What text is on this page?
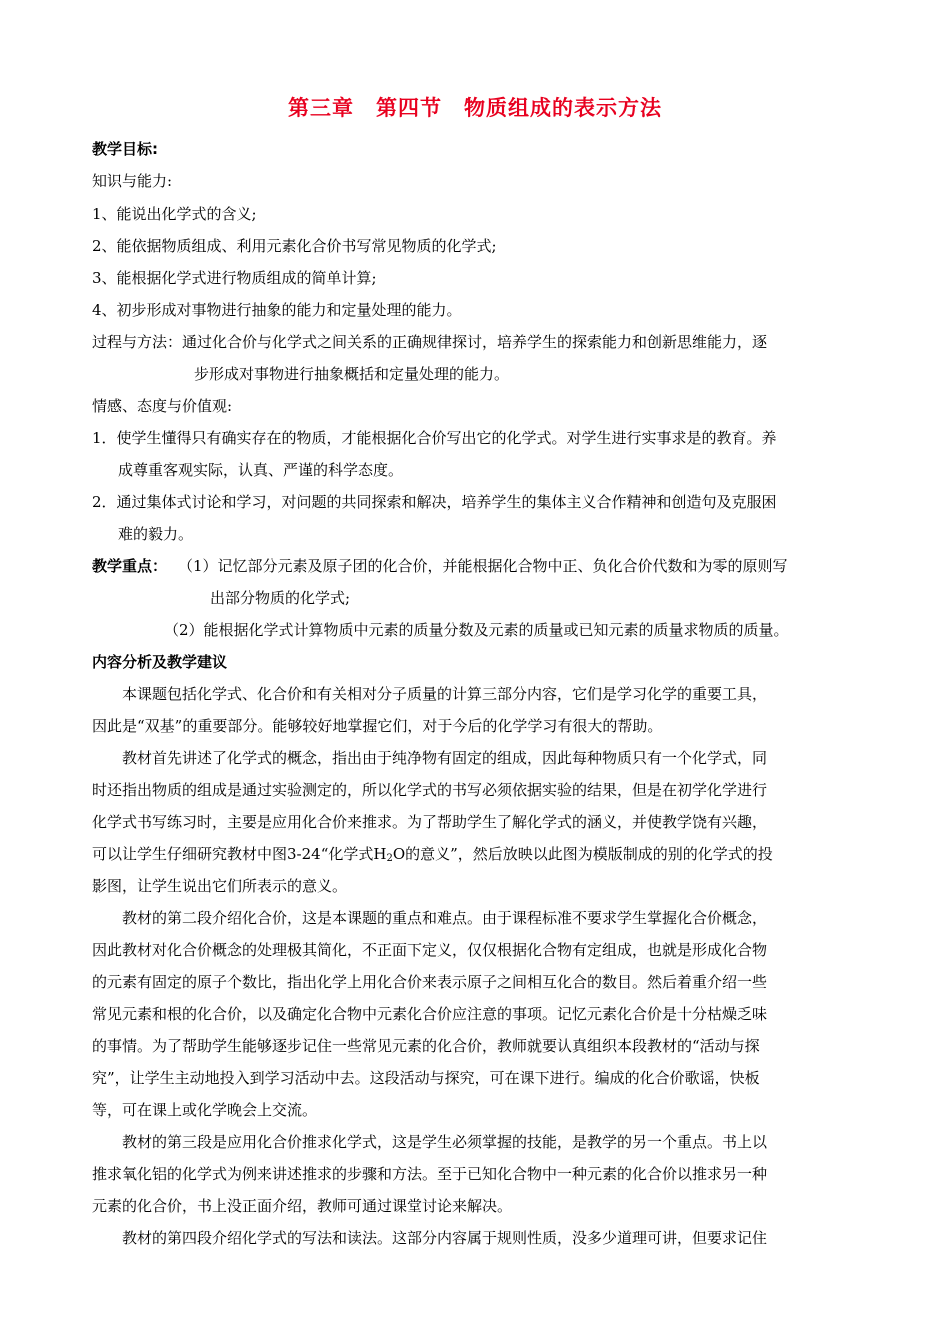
第三章　第四节　物质组成的表示方法
教学目标:
知识与能力:
1、能说出化学式的含义;
2、能依据物质组成、利用元素化合价书写常见物质的化学式;
3、能根据化学式进行物质组成的简单计算;
4、初步形成对事物进行抽象的能力和定量处理的能力。
过程与方法：通过化合价与化学式之间关系的正确规律探讨，培养学生的探索能力和创新思维能力，逐
步形成对事物进行抽象概括和定量处理的能力。
情感、态度与价值观:
1．使学生懂得只有确实存在的物质，才能根据化合价写出它的化学式。对学生进行实事求是的教育。养
成尊重客观实际，认真、严谨的科学态度。
2．通过集体式讨论和学习，对问题的共同探索和解决，培养学生的集体主义合作精神和创造句及克服困
难的毅力。
教学重点： （1）记忆部分元素及原子团的化合价，并能根据化合物中正、负化合价代数和为零的原则写
出部分物质的化学式;
（2）能根据化学式计算物质中元素的质量分数及元素的质量或已知元素的质量求物质的质量。
内容分析及教学建议
本课题包括化学式、化合价和有关相对分子质量的计算三部分内容，它们是学习化学的重要工具，
因此是“双基”的重要部分。能够较好地掌握它们，对于今后的化学学习有很大的帮助。
教材首先讲述了化学式的概念，指出由于纯净物有固定的组成，因此每种物质只有一个化学式，同
时还指出物质的组成是通过实验测定的，所以化学式的书写必须依据实验的结果，但是在初学化学进行
化学式书写练习时，主要是应用化合价来推求。为了帮助学生了解化学式的涵义，并使教学饶有兴趣，
可以让学生仔细研究教材中图3-24“化学式$H_2O$的意义”，然后放映以此图为模版制成的别的化学式的投
影图，让学生说出它们所表示的意义。
教材的第二段介绍化合价，这是本课题的重点和难点。由于课程标准不要求学生掌握化合价概念，
因此教材对化合价概念的处理极其简化，不正面下定义，仅仅根据化合物有定组成，也就是形成化合物
的元素有固定的原子个数比，指出化学上用化合价来表示原子之间相互化合的数目。然后着重介绍一些
常见元素和根的化合价，以及确定化合物中元素化合价应注意的事项。记忆元素化合价是十分枯燥乏味
的事情。为了帮助学生能够逐步记住一些常见元素的化合价，教师就要认真组织本段教材的“活动与探
究”，让学生主动地投入到学习活动中去。这段活动与探究，可在课下进行。编成的化合价歌谣，快板
等，可在课上或化学晚会上交流。
教材的第三段是应用化合价推求化学式，这是学生必须掌握的技能，是教学的另一个重点。书上以
推求氧化铝的化学式为例来讲述推求的步骤和方法。至于已知化合物中一种元素的化合价以推求另一种
元素的化合价，书上没正面介绍，教师可通过课堂讨论来解决。
教材的第四段介绍化学式的写法和读法。这部分内容属于规则性质，没多少道理可讲，但要求记住
